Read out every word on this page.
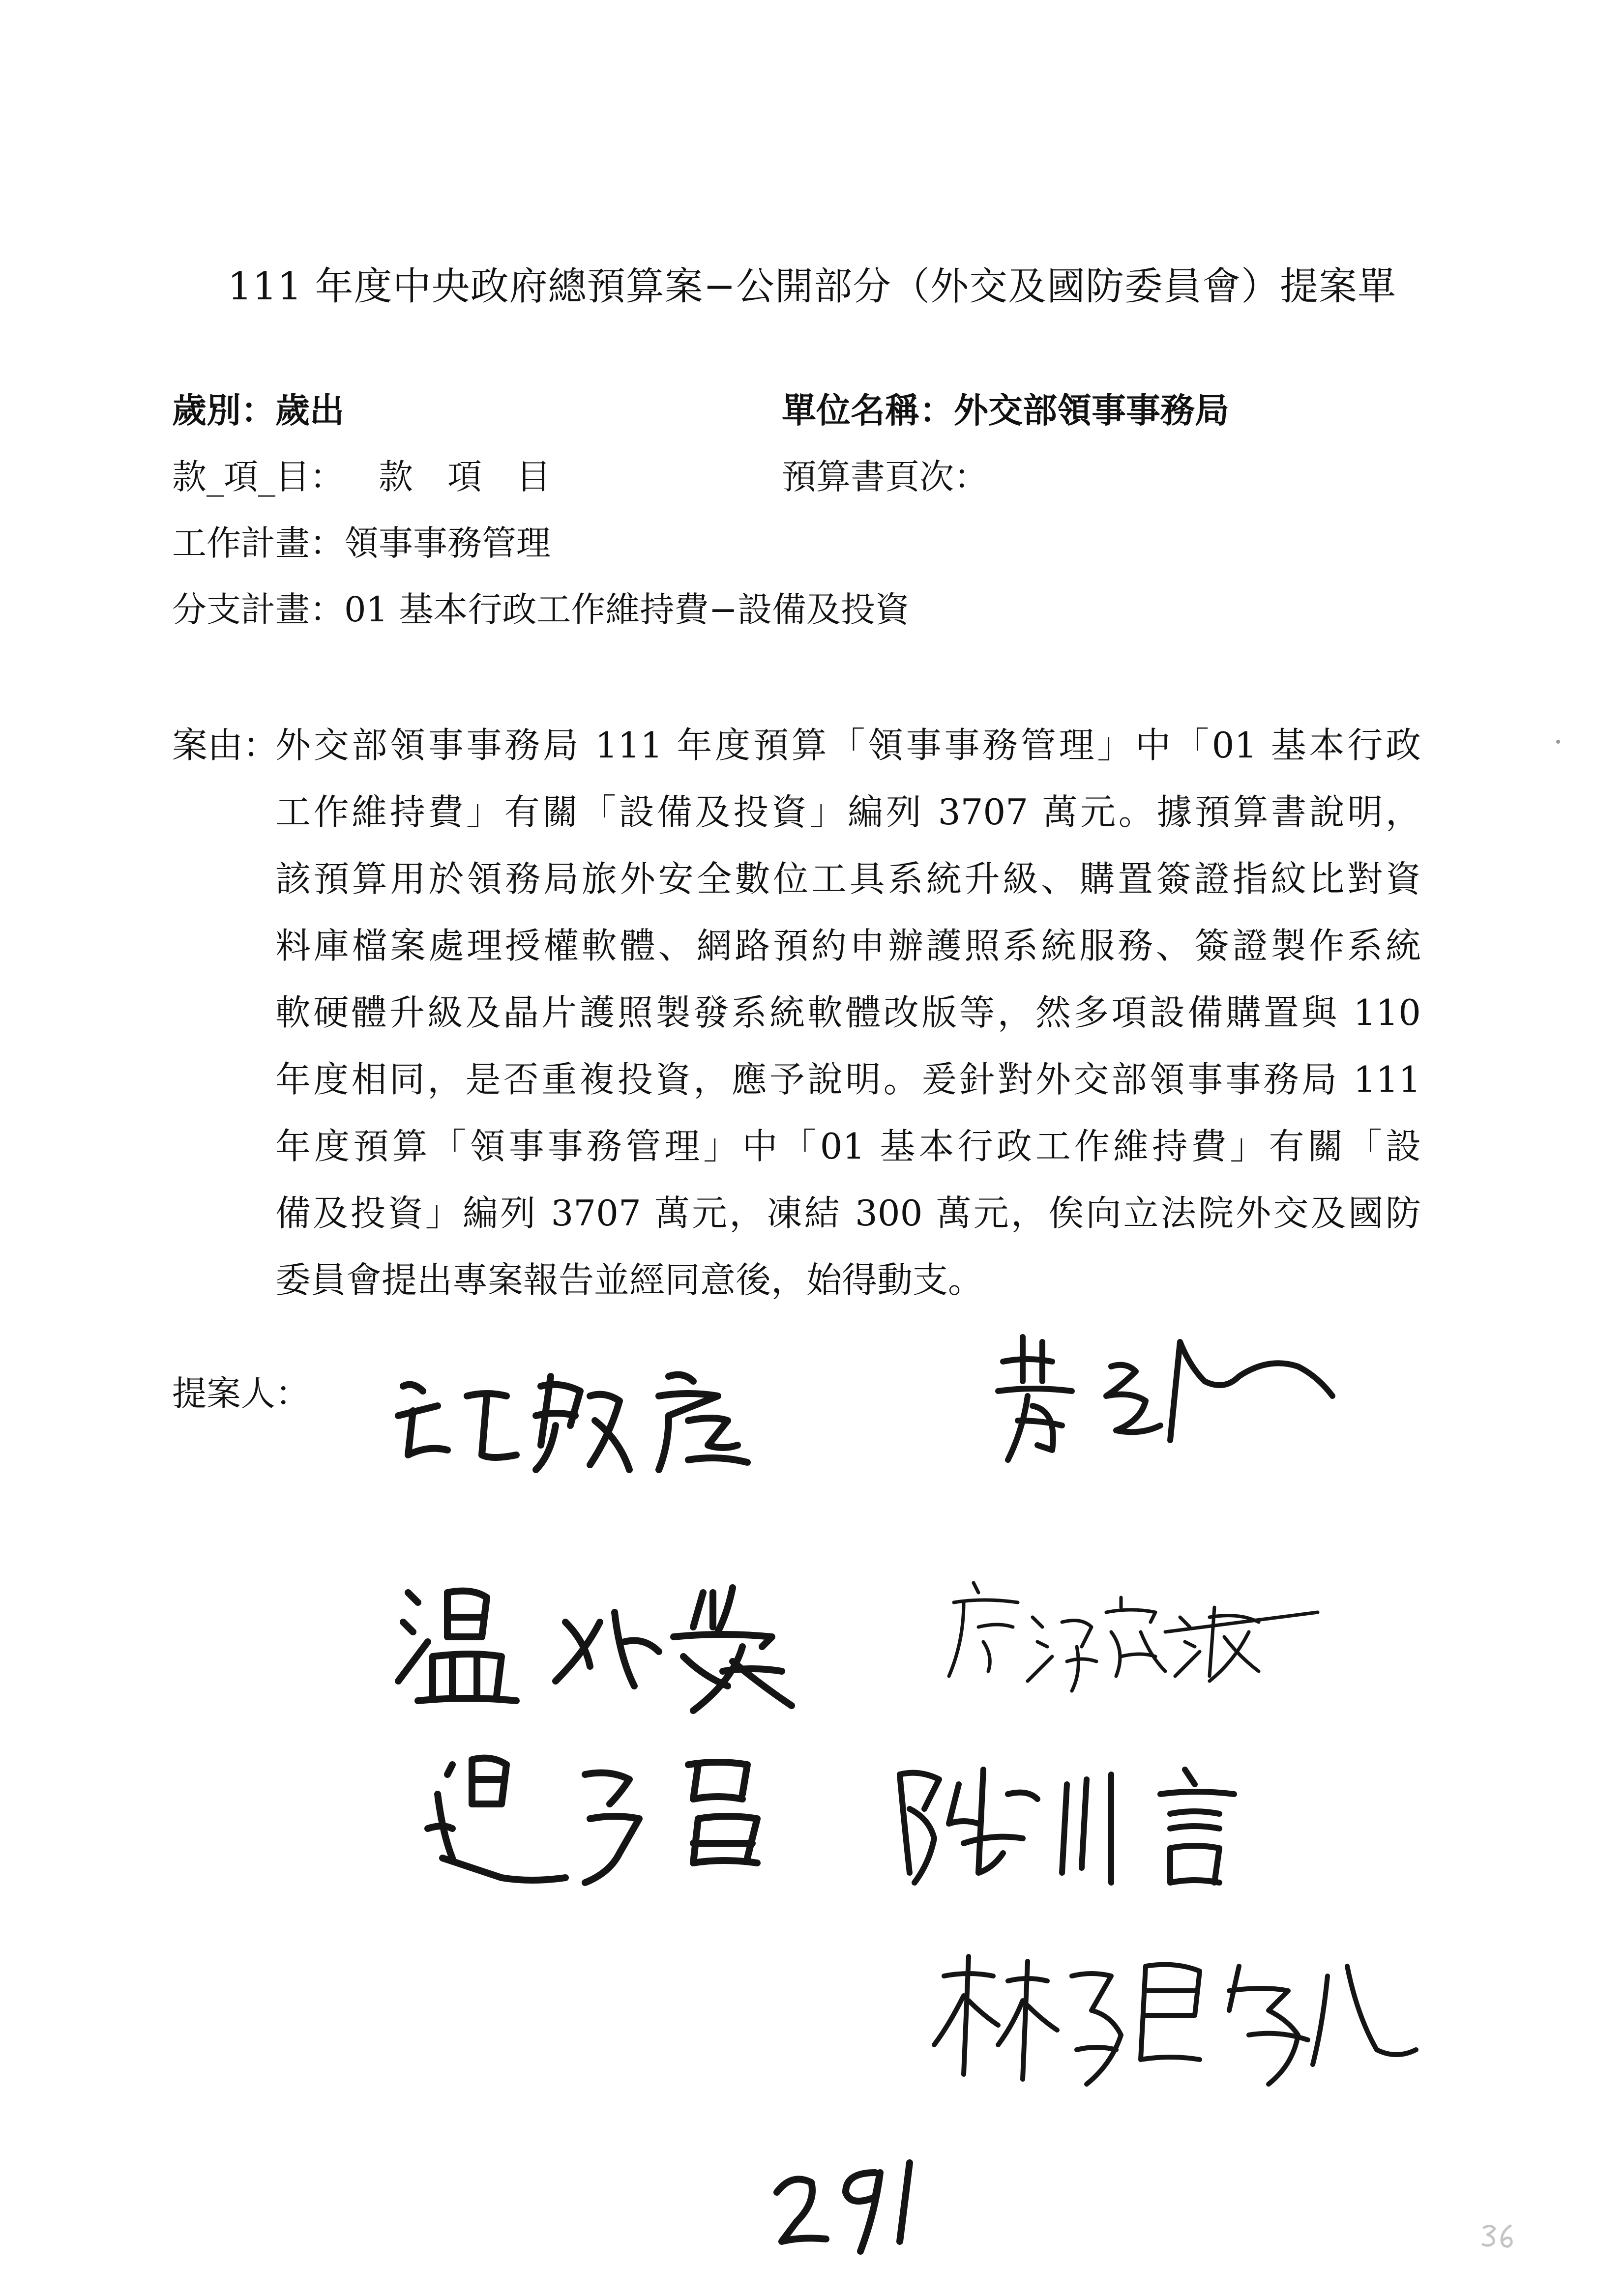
111 年度中央政府總預算案−公開部分（外交及國防委員會）提案單
歲別：歲出	單位名稱：外交部領事事務局
款_項_目： 款 項 目	預算書頁次：
工作計畫：領事事務管理
分支計畫：01 基本行政工作維持費−設備及投資
案由：
外交部領事事務局 111 年度預算「領事事務管理」中「01 基本行政
工作維持費」有關「設備及投資」編列 3707 萬元。據預算書說明，
該預算用於領務局旅外安全數位工具系統升級、購置簽證指紋比對資
料庫檔案處理授權軟體、網路預約申辦護照系統服務、簽證製作系統
軟硬體升級及晶片護照製發系統軟體改版等，然多項設備購置與 110
年度相同，是否重複投資，應予說明。爰針對外交部領事事務局 111
年度預算「領事事務管理」中「01 基本行政工作維持費」有關「設
備及投資」編列 3707 萬元，凍結 300 萬元，俟向立法院外交及國防
委員會提出專案報告並經同意後，始得動支。
提案人：
